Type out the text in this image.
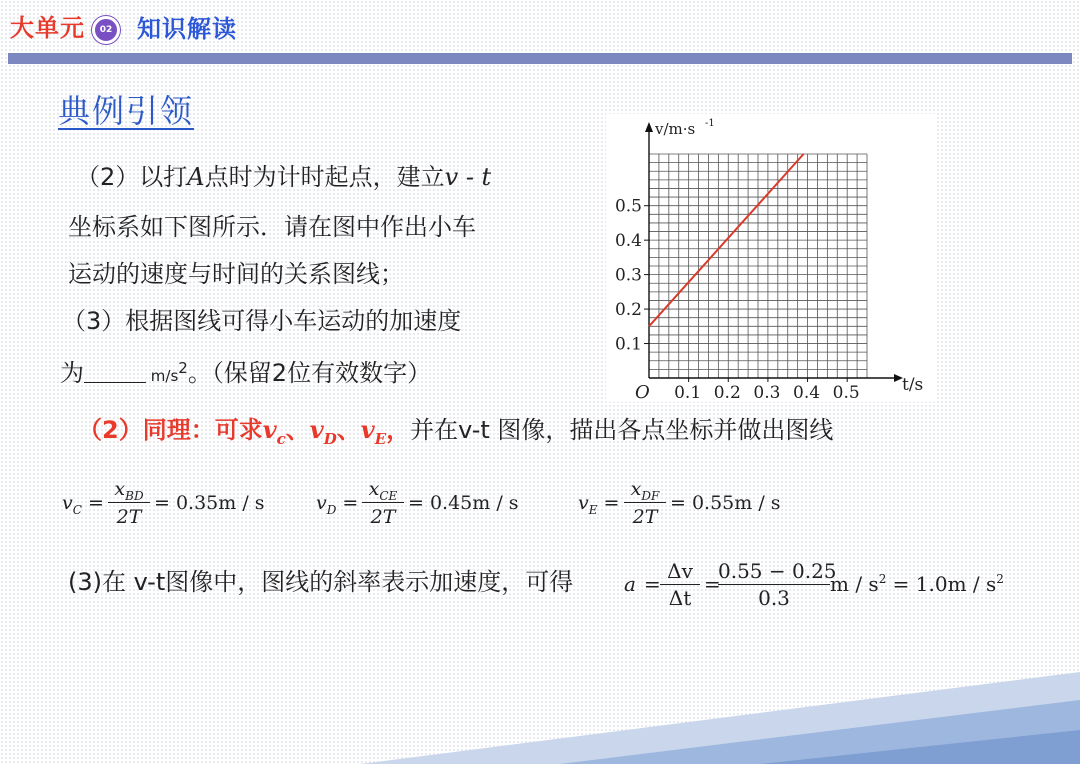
大单元	02 知识解读
典例引领
（2）以打A点时为计时起点，建立v - t
坐标系如下图所示．请在图中作出小车
运动的速度与时间的关系图线；
（3）根据图线可得小车运动的加速度
为	$m/s^2$。（保留2位有效数字）
0.1 0.2 0.3 0.4 0.5
0.1
0.2
0.3
0.4
0.5
O
v/m·s -1
t/s
（2）同理：可求$v_c$、$v_D$、$v_E$，并在v-t 图像，描出各点坐标并做出图线
$v_C$ =
$x_{BD}$
2T
= 0.35m / s	$v_D$ =
$x_{CE}$
2T
= 0.45m / s	$v_E$ =
$x_{DF}$
2T
= 0.55m / s
(3)在 v-t图像中，图线的斜率表示加速度，可得	a =
Δv
Δt
=
0.55 − 0.25
0.3
$m / s^2 = 1.0m / s^2$
